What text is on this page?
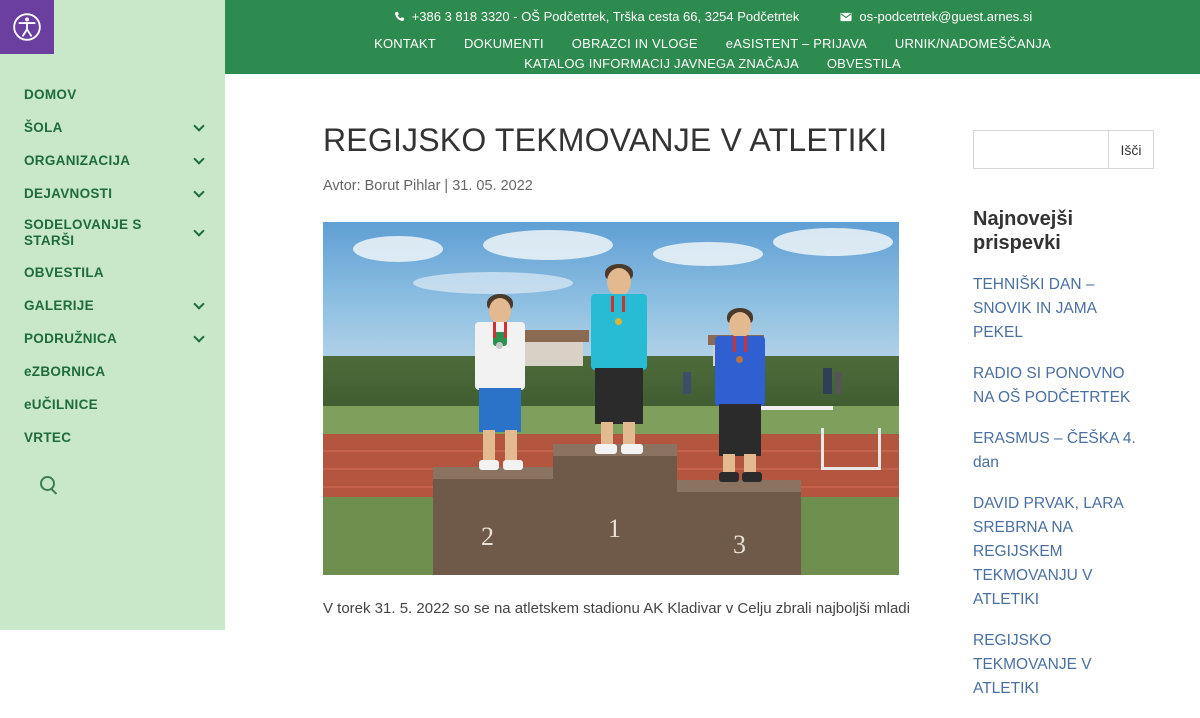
DOMOV
ŠOLA
ORGANIZACIJA
DEJAVNOSTI
SODELOVANJE S STARŠI
OBVESTILA
GALERIJE
PODRUŽNICA
eZBORNICA
eUČILNICE
VRTEC
+386 3 818 3320 - OŠ Podčetrtek, Trška cesta 66, 3254 Podčetrtek	os-podcetrtek@guest.arnes.si
KONTAKT DOKUMENTI OBRAZCI IN VLOGE eASISTENT – PRIJAVA URNIK/NADOMEŠČANJA
KATALOG INFORMACIJ JAVNEGA ZNAČAJA OBVESTILA
REGIJSKO TEKMOVANJE V ATLETIKI
Avtor: Borut Pihlar | 31. 05. 2022
2	1
3

V torek 31. 5. 2022 so se na atletskem stadionu AK Kladivar v Celju zbrali najboljši mladi

Išči
Najnovejši prispevki
TEHNIŠKI DAN – SNOVIK IN JAMA PEKEL
RADIO SI PONOVNO NA OŠ PODČETRTEK
ERASMUS – ČEŠKA 4. dan
DAVID PRVAK, LARA SREBRNA NA REGIJSKEM TEKMOVANJU V ATLETIKI
REGIJSKO TEKMOVANJE V ATLETIKI
